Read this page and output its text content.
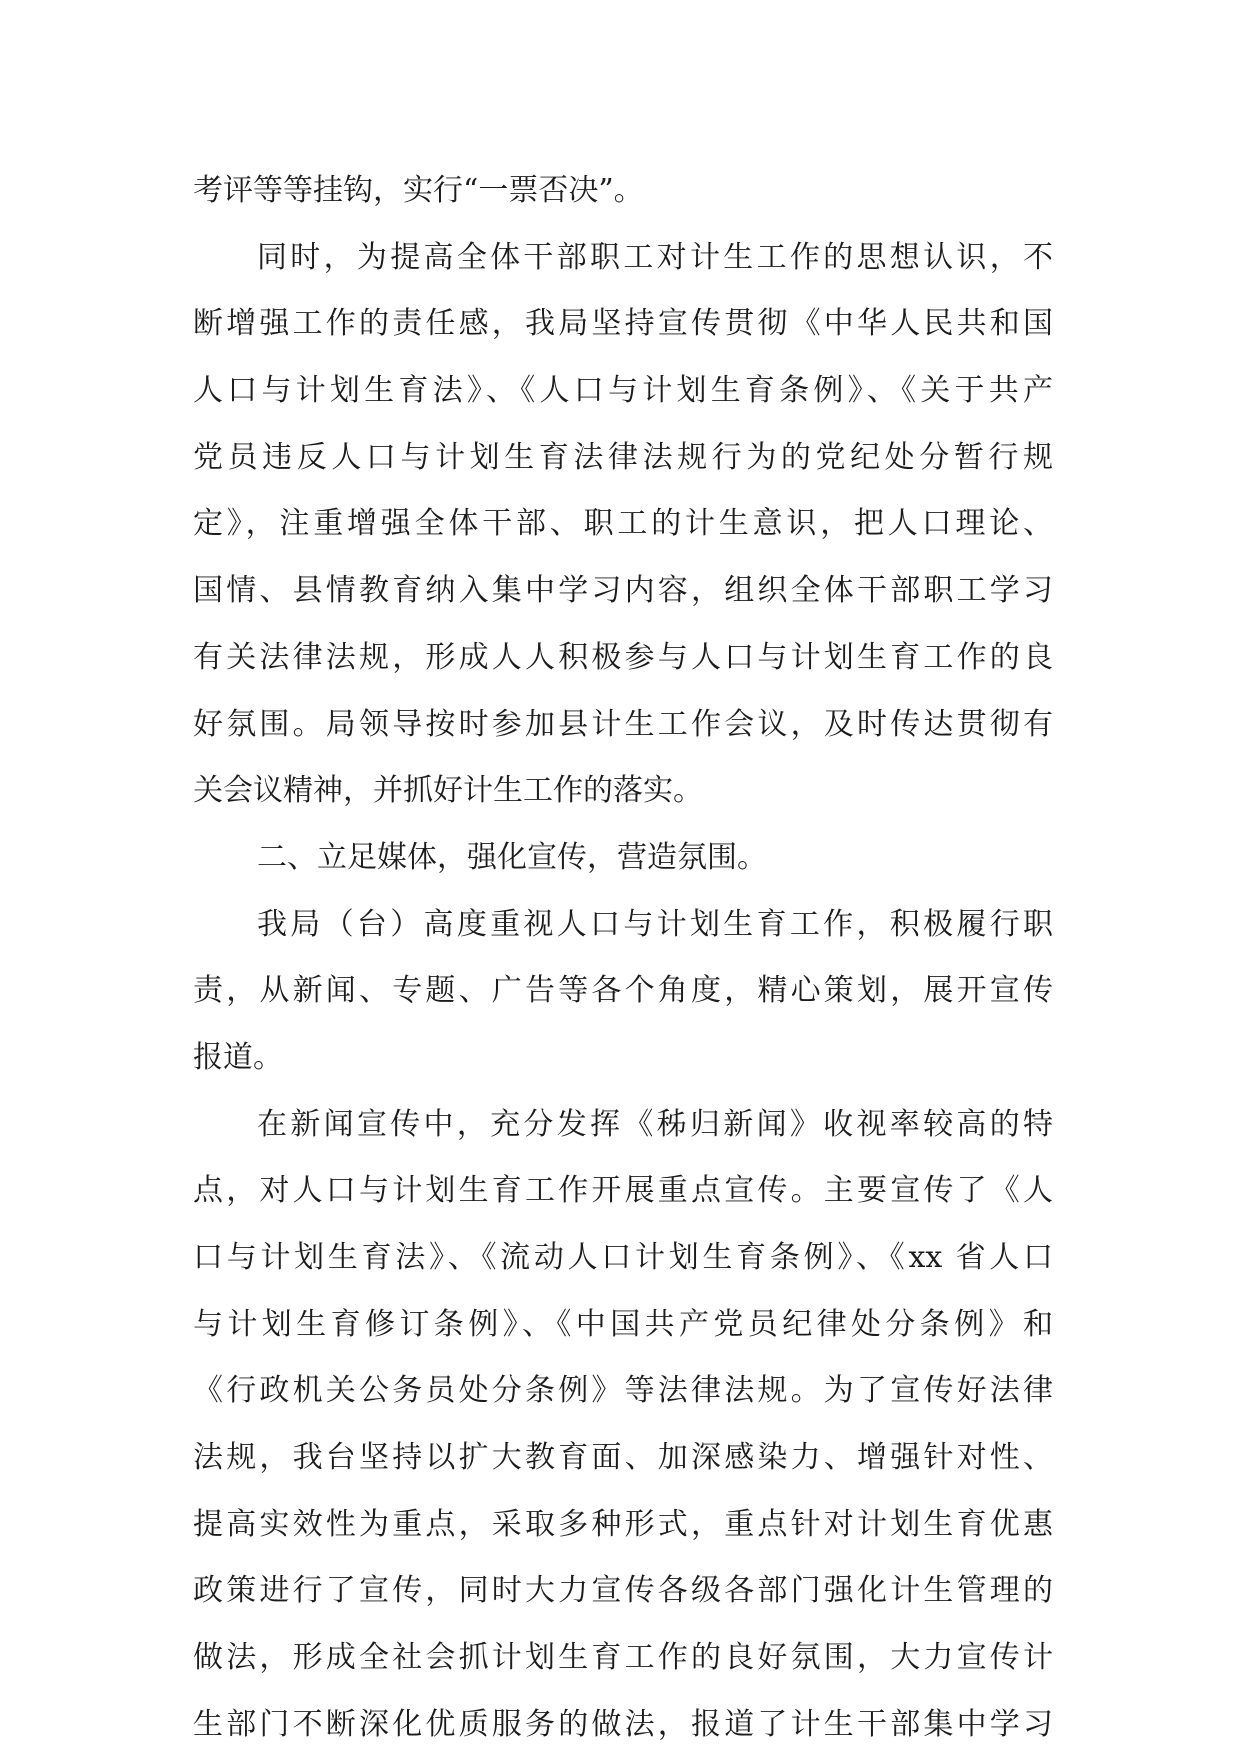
考评等等挂钩，实行“一票否决”。
同时，为提高全体干部职工对计生工作的思想认识，不
断增强工作的责任感，我局坚持宣传贯彻《中华人民共和国
人口与计划生育法》、《人口与计划生育条例》、《关于共产
党员违反人口与计划生育法律法规行为的党纪处分暂行规
定》，注重增强全体干部、职工的计生意识，把人口理论、
国情、县情教育纳入集中学习内容，组织全体干部职工学习
有关法律法规，形成人人积极参与人口与计划生育工作的良
好氛围。局领导按时参加县计生工作会议，及时传达贯彻有
关会议精神，并抓好计生工作的落实。
二、立足媒体，强化宣传，营造氛围。
我局（台）高度重视人口与计划生育工作，积极履行职
责，从新闻、专题、广告等各个角度，精心策划，展开宣传
报道。
在新闻宣传中，充分发挥《秭归新闻》收视率较高的特
点，对人口与计划生育工作开展重点宣传。主要宣传了《人
口与计划生育法》、《流动人口计划生育条例》、《xx 省人口
与计划生育修订条例》、《中国共产党员纪律处分条例》和
《行政机关公务员处分条例》等法律法规。为了宣传好法律
法规，我台坚持以扩大教育面、加深感染力、增强针对性、
提高实效性为重点，采取多种形式，重点针对计划生育优惠
政策进行了宣传，同时大力宣传各级各部门强化计生管理的
做法，形成全社会抓计划生育工作的良好氛围，大力宣传计
生部门不断深化优质服务的做法，报道了计生干部集中学习
